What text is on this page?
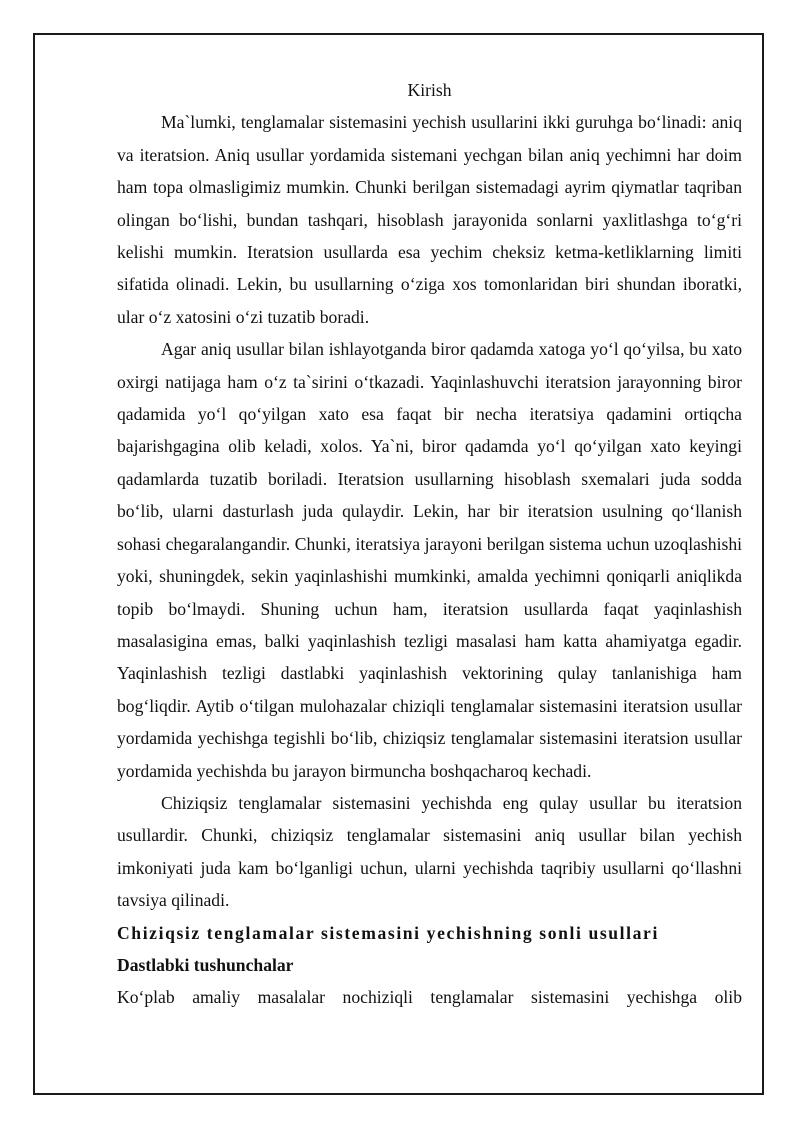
Kirish

Ma`lumki, tenglamalar sistemasini yechish usullarini ikki guruhga bo‘linadi: aniq va iteratsion. Aniq usullar yordamida sistemani yechgan bilan aniq yechimni har doim ham topa olmasligimiz mumkin. Chunki berilgan sistemadagi ayrim qiymatlar taqriban olingan bo‘lishi, bundan tashqari, hisoblash jarayonida sonlarni yaxlitlashga to‘g‘ri kelishi mumkin. Iteratsion usullarda esa yechim cheksiz ketma-ketliklarning limiti sifatida olinadi. Lekin, bu usullarning o‘ziga xos tomonlaridan biri shundan iboratki, ular o‘z xatosini o‘zi tuzatib boradi.

Agar aniq usullar bilan ishlayotganda biror qadamda xatoga yo‘l qo‘yilsa, bu xato oxirgi natijaga ham o‘z ta`sirini o‘tkazadi. Yaqinlashuvchi iteratsion jarayonning biror qadamida yo‘l qo‘yilgan xato esa faqat bir necha iteratsiya qadamini ortiqcha bajarishgagina olib keladi, xolos. Ya`ni, biror qadamda yo‘l qo‘yilgan xato keyingi qadamlarda tuzatib boriladi. Iteratsion usullarning hisoblash sxemalari juda sodda bo‘lib, ularni dasturlash juda qulaydir. Lekin, har bir iteratsion usulning qo‘llanish sohasi chegaralangandir. Chunki, iteratsiya jarayoni berilgan sistema uchun uzoqlashishi yoki, shuningdek, sekin yaqinlashishi mumkinki, amalda yechimni qoniqarli aniqlikda topib bo‘lmaydi. Shuning uchun ham, iteratsion usullarda faqat yaqinlashish masalasigina emas, balki yaqinlashish tezligi masalasi ham katta ahamiyatga egadir. Yaqinlashish tezligi dastlabki yaqinlashish vektorining qulay tanlanishiga ham bog‘liqdir. Aytib o‘tilgan mulohazalar chiziqli tenglamalar sistemasini iteratsion usullar yordamida yechishga tegishli bo‘lib, chiziqsiz tenglamalar sistemasini iteratsion usullar yordamida yechishda bu jarayon birmuncha boshqacharoq kechadi.

Chiziqsiz tenglamalar sistemasini yechishda eng qulay usullar bu iteratsion usullardir. Chunki, chiziqsiz tenglamalar sistemasini aniq usullar bilan yechish imkoniyati juda kam bo‘lganligi uchun, ularni yechishda taqribiy usullarni qo‘llashni tavsiya qilinadi.

Chiziqsiz tenglamalar sistemasini yechishning sonli usullari

Dastlabki tushunchalar

Ko‘plab amaliy masalalar nochiziqli tenglamalar sistemasini yechishga olib
